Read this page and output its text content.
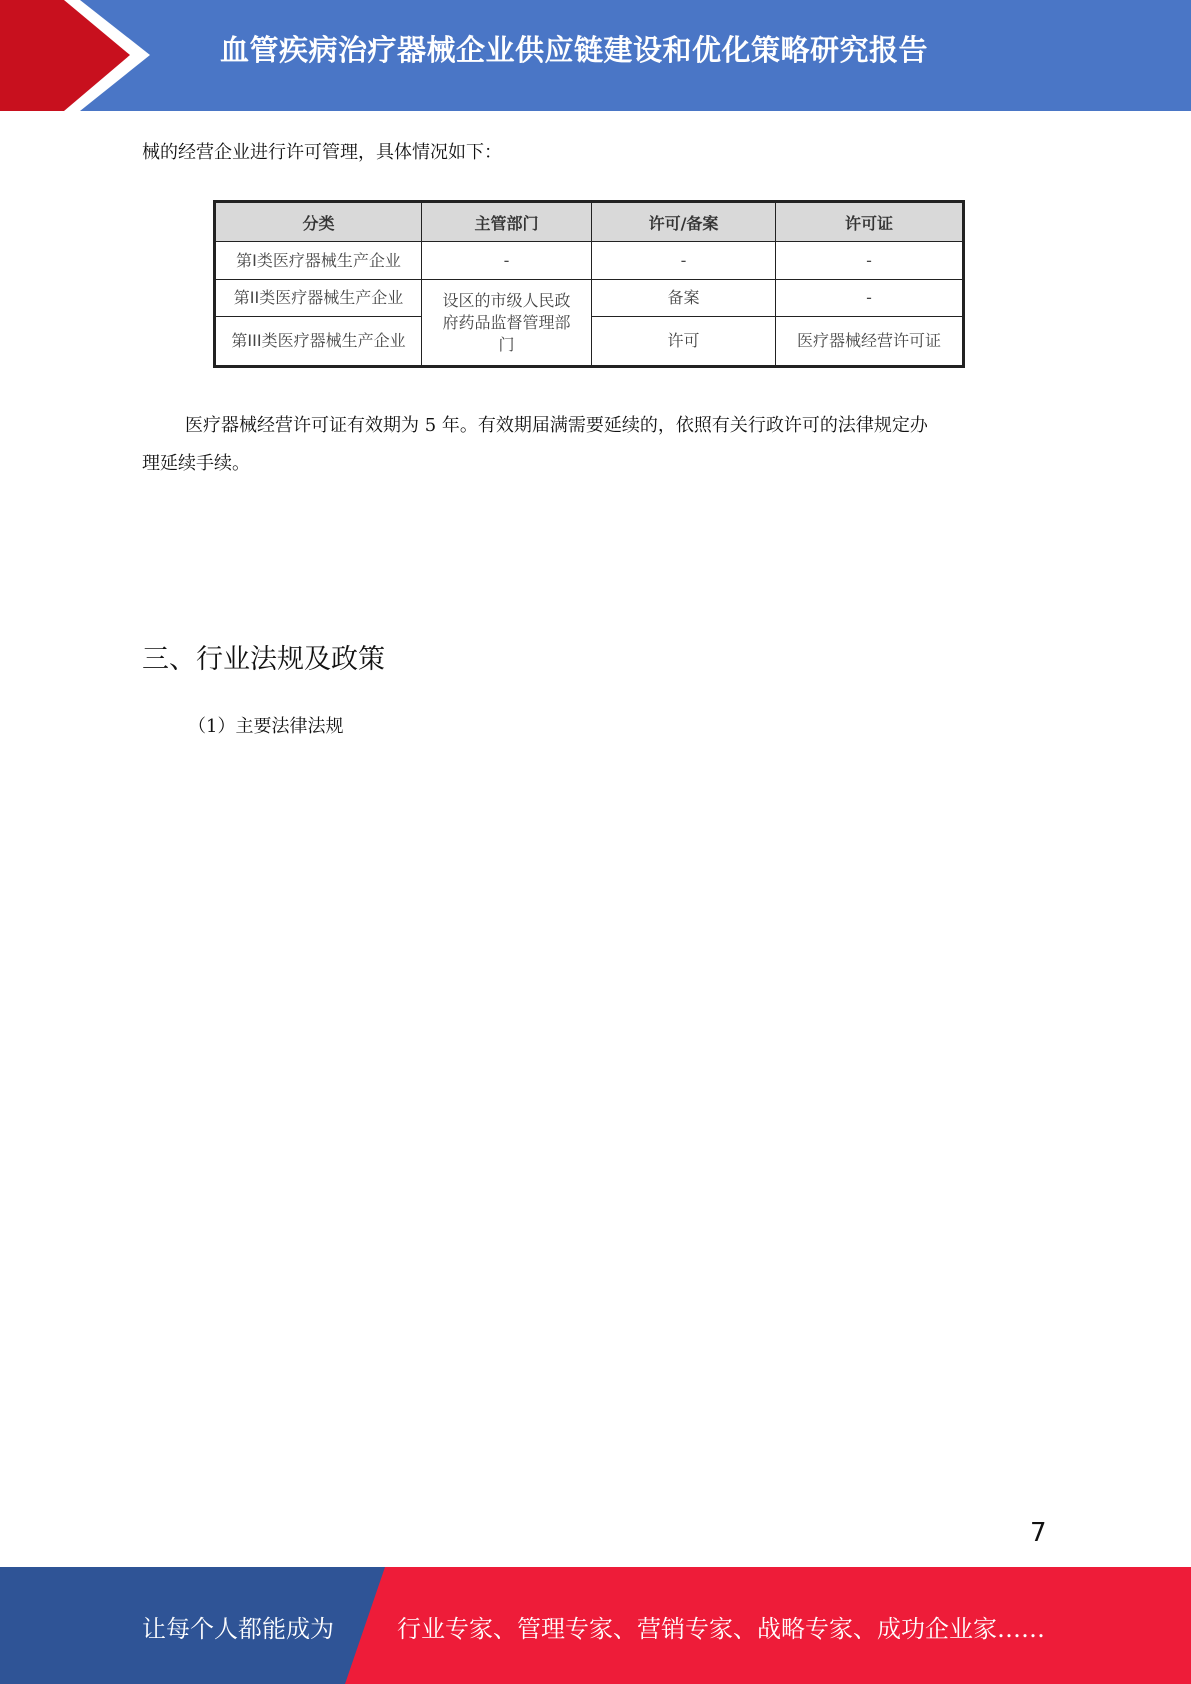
血管疾病治疗器械企业供应链建设和优化策略研究报告
械的经营企业进行许可管理，具体情况如下：
分类	主管部门	许可/备案	许可证
第I类医疗器械生产企业	-	-	-
第II类医疗器械生产企业	设区的市级人民政府药品监督管理部门	备案	-
第III类医疗器械生产企业		许可	医疗器械经营许可证
医疗器械经营许可证有效期为 5 年。有效期届满需要延续的，依照有关行政许可的法律规定办
理延续手续。
三、行业法规及政策
（1）主要法律法规
7
让每个人都能成为	行业专家、管理专家、营销专家、战略专家、成功企业家……
